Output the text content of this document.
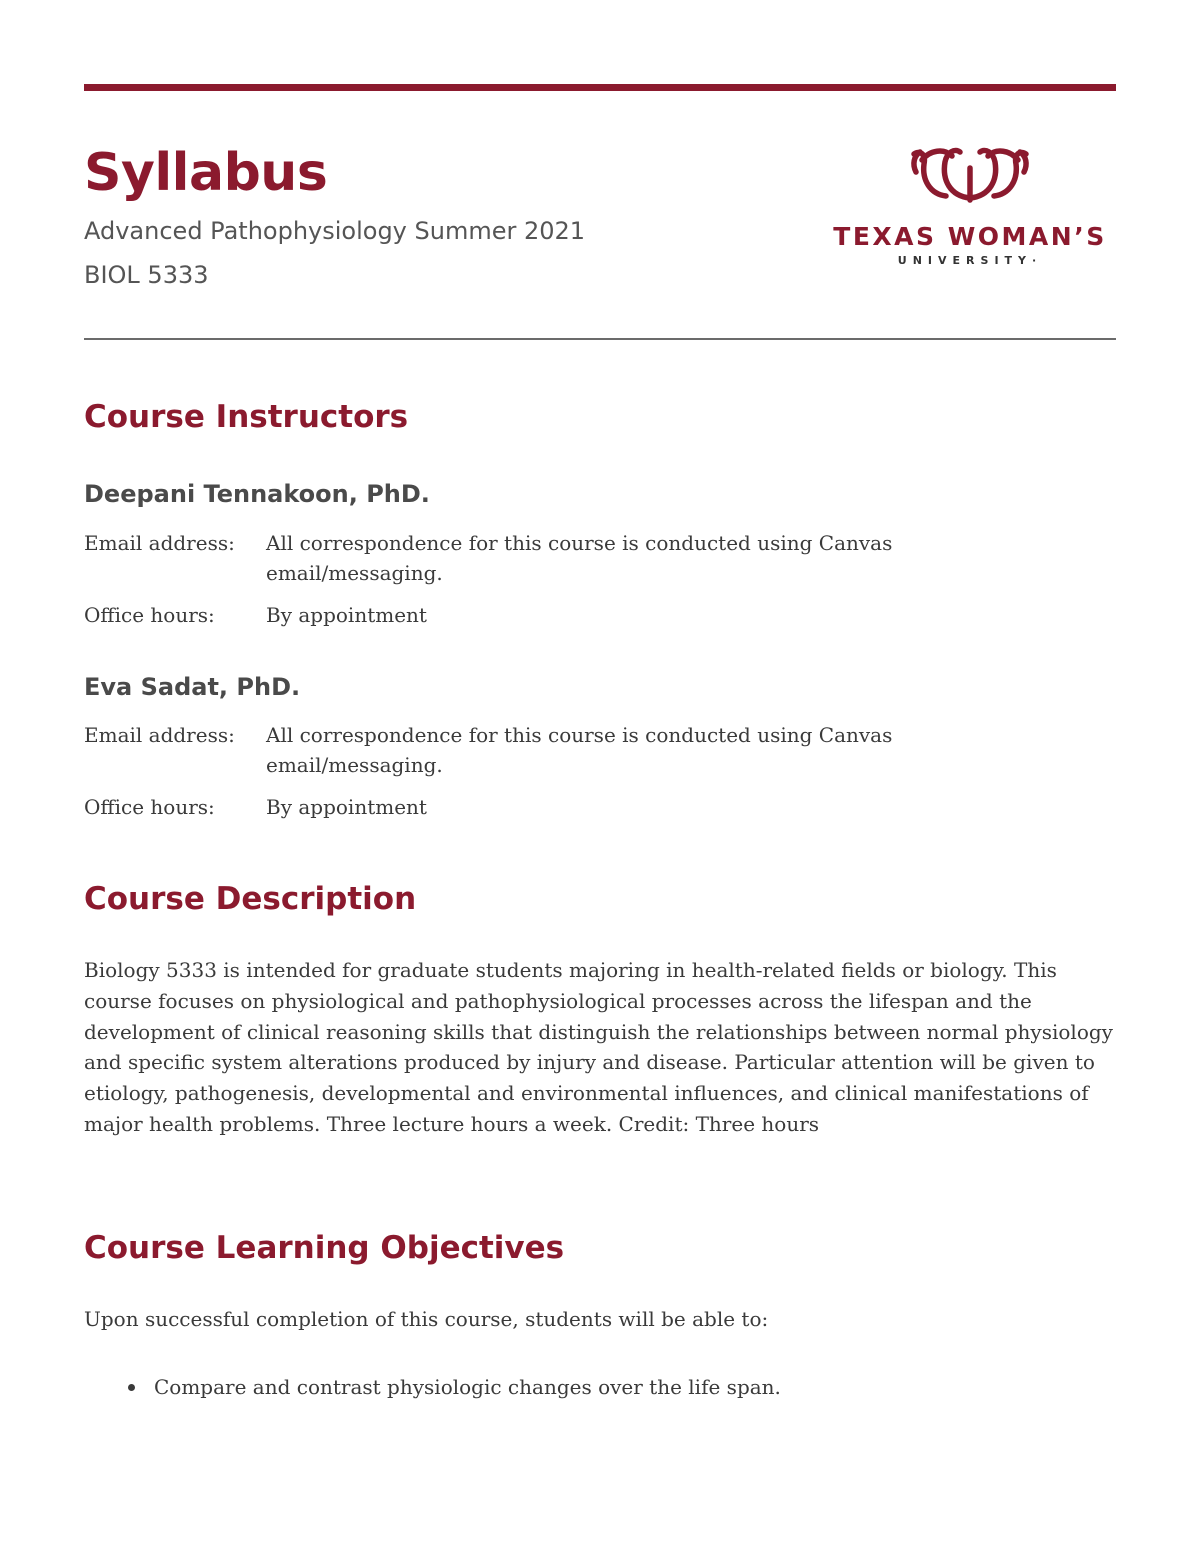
Syllabus
Advanced Pathophysiology Summer 2021
BIOL 5333
TEXAS WOMAN’S
UNIVERSITY·
Course Instructors
Deepani Tennakoon, PhD.
Email address: All correspondence for this course is conducted using Canvas email/messaging.
Office hours:	By appointment
Eva Sadat, PhD.
Email address: All correspondence for this course is conducted using Canvas email/messaging.
Office hours:	By appointment
Course Description
Biology 5333 is intended for graduate students majoring in health-related fields or biology. This course focuses on physiological and pathophysiological processes across the lifespan and the development of clinical reasoning skills that distinguish the relationships between normal physiology and specific system alterations produced by injury and disease. Particular attention will be given to etiology, pathogenesis, developmental and environmental influences, and clinical manifestations of major health problems. Three lecture hours a week. Credit: Three hours
Course Learning Objectives
Upon successful completion of this course, students will be able to:
Compare and contrast physiologic changes over the life span.
